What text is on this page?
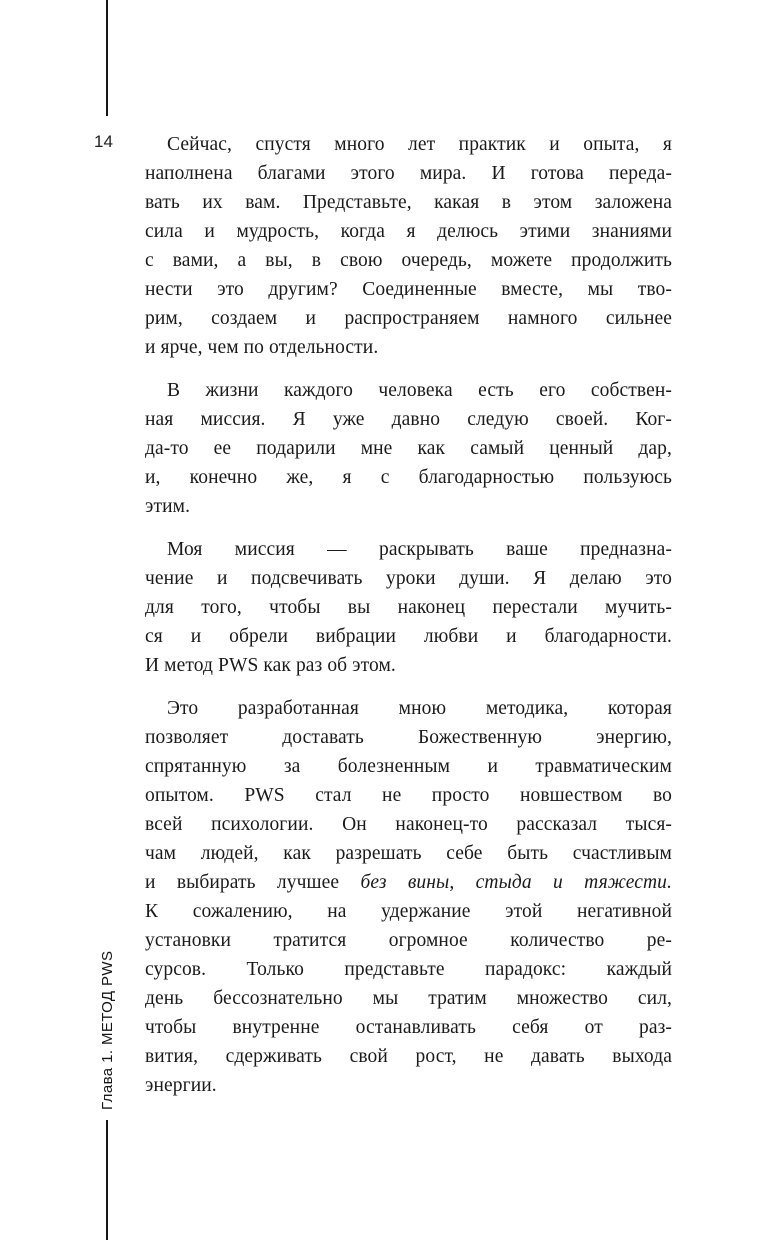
14
Глава 1. МЕТОД PWS
Сейчас, спустя много лет практик и опыта, я
наполнена благами этого мира. И готова переда-
вать их вам. Представьте, какая в этом заложена
сила и мудрость, когда я делюсь этими знаниями
с вами, а вы, в свою очередь, можете продолжить
нести это другим? Соединенные вместе, мы тво-
рим, создаем и распространяем намного сильнее
и ярче, чем по отдельности.
В жизни каждого человека есть его собствен-
ная миссия. Я уже давно следую своей. Ког-
да-то ее подарили мне как самый ценный дар,
и, конечно же, я с благодарностью пользуюсь
этим.
Моя миссия — раскрывать ваше предназна-
чение и подсвечивать уроки души. Я делаю это
для того, чтобы вы наконец перестали мучить-
ся и обрели вибрации любви и благодарности.
И метод PWS как раз об этом.
Это разработанная мною методика, которая
позволяет доставать Божественную энергию,
спрятанную за болезненным и травматическим
опытом. PWS стал не просто новшеством во
всей психологии. Он наконец-то рассказал тыся-
чам людей, как разрешать себе быть счастливым
и выбирать лучшее без вины, стыда и тяжести.
К сожалению, на удержание этой негативной
установки тратится огромное количество ре-
сурсов. Только представьте парадокс: каждый
день бессознательно мы тратим множество сил,
чтобы внутренне останавливать себя от раз-
вития, сдерживать свой рост, не давать выхода
энергии.
